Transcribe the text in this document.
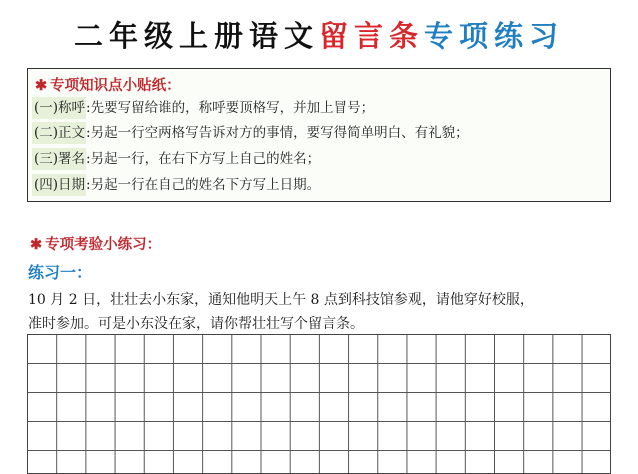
二年级上册语文留言条专项练习
✱ 专项知识点小贴纸：
(一)称呼:先要写留给谁的，称呼要顶格写，并加上冒号；
(二)正文:另起一行空两格写告诉对方的事情，要写得简单明白、有礼貌；
(三)署名:另起一行，在右下方写上自己的姓名；
(四)日期:另起一行在自己的姓名下方写上日期。
✱ 专项考验小练习：
练习一：
10 月 2 日，壮壮去小东家，通知他明天上午 8 点到科技馆参观，请他穿好校服，
准时参加。可是小东没在家，请你帮壮壮写个留言条。
